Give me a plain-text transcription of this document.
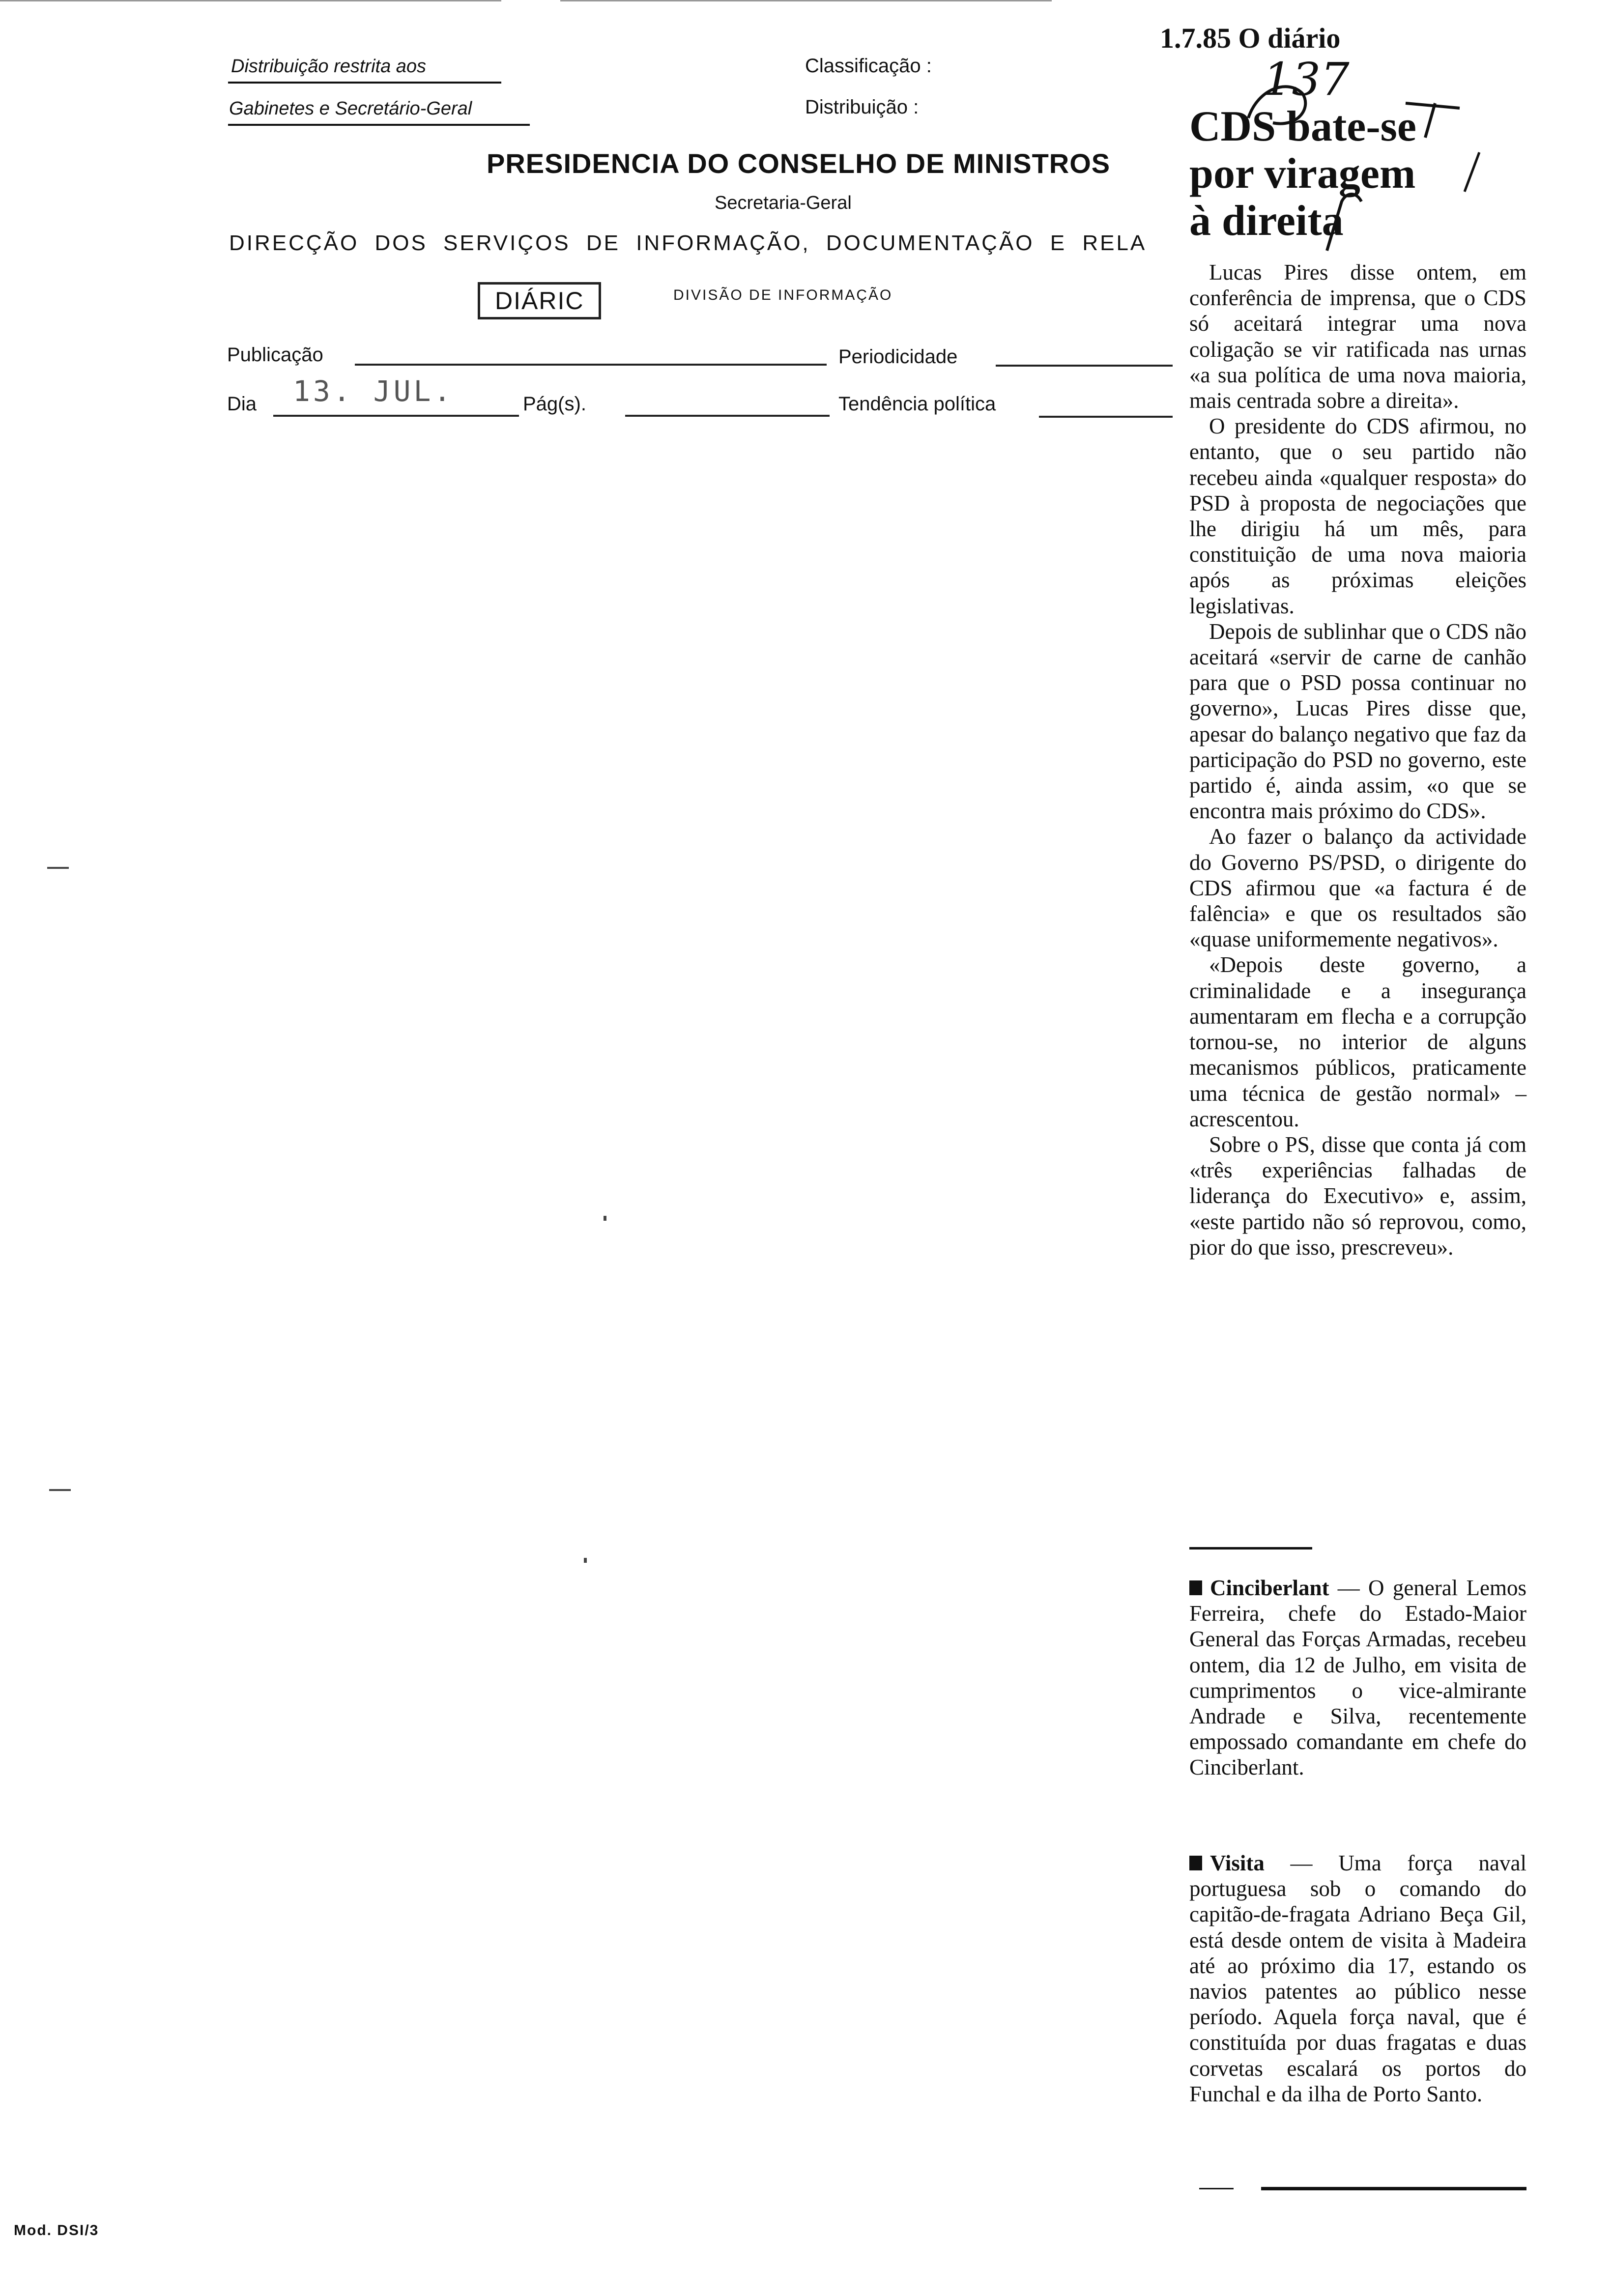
Distribuição restrita aos
Gabinetes e Secretário-Geral
Classificação :
Distribuição :
PRESIDENCIA DO CONSELHO DE MINISTROS
Secretaria-Geral
DIRECÇÃO DOS SERVIÇOS DE INFORMAÇÃO, DOCUMENTAÇÃO E RELA
DIÁRIC	DIVISÃO DE INFORMAÇÃO
Publicação	Periodicidade
Dia 13. JUL.	Pág(s).	Tendência política
1.7.85 O diário
CDS bate-se
por viragem
à direita
137

Lucas Pires disse ontem, em conferência de imprensa, que o CDS só aceitará integrar uma nova coligação se vir ratificada nas urnas «a sua política de uma nova maioria, mais centrada sobre a direita».

O presidente do CDS afirmou, no entanto, que o seu partido não recebeu ainda «qualquer resposta» do PSD à proposta de negociações que lhe dirigiu há um mês, para constituição de uma nova maioria após as próximas eleições legislativas.

Depois de sublinhar que o CDS não aceitará «servir de carne de canhão para que o PSD possa continuar no governo», Lucas Pires disse que, apesar do balanço negativo que faz da participação do PSD no governo, este partido é, ainda assim, «o que se encontra mais próximo do CDS».

Ao fazer o balanço da actividade do Governo PS/PSD, o dirigente do CDS afirmou que «a factura é de falência» e que os resultados são «quase uniformemente negativos».

«Depois deste governo, a criminalidade e a insegurança aumentaram em flecha e a corrupção tornou-se, no interior de alguns mecanismos públicos, praticamente uma técnica de gestão normal» – acrescentou.

Sobre o PS, disse que conta já com «três experiências falhadas de liderança do Executivo» e, assim, «este partido não só reprovou, como, pior do que isso, prescreveu».

Cinciberlant — O general Lemos Ferreira, chefe do Estado-Maior General das Forças Armadas, recebeu ontem, dia 12 de Julho, em visita de cumprimentos o vice-almirante Andrade e Silva, recentemente empossado comandante em chefe do Cinciberlant.

Visita — Uma força naval portuguesa sob o comando do capitão-de-fragata Adriano Beça Gil, está desde ontem de visita à Madeira até ao próximo dia 17, estando os navios patentes ao público nesse período. Aquela força naval, que é constituída por duas fragatas e duas corvetas escalará os portos do Funchal e da ilha de Porto Santo.

Mod. DSI/3
